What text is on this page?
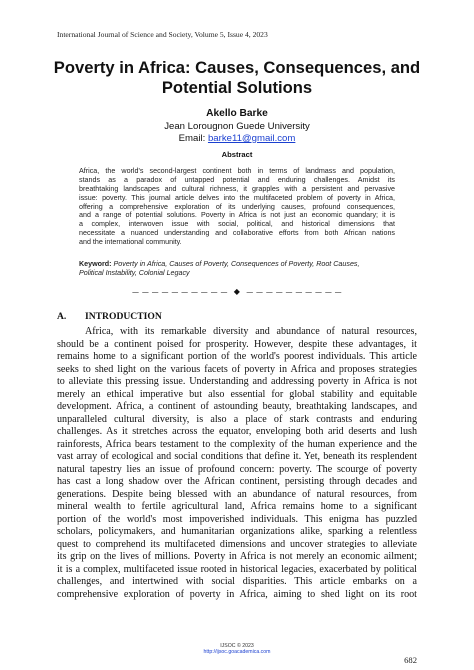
International Journal of Science and Society, Volume 5, Issue 4, 2023
Poverty in Africa: Causes, Consequences, and
Potential Solutions
Akello Barke
Jean Lorougnon Guede University
Email: barke11@gmail.com
Abstract
Africa, the world's second-largest continent both in terms of landmass and population,
stands as a paradox of untapped potential and enduring challenges. Amidst its
breathtaking landscapes and cultural richness, it grapples with a persistent and pervasive
issue: poverty. This journal article delves into the multifaceted problem of poverty in Africa,
offering a comprehensive exploration of its underlying causes, profound consequences,
and a range of potential solutions. Poverty in Africa is not just an economic quandary; it is
a complex, interwoven issue with social, political, and historical dimensions that
necessitate a nuanced understanding and collaborative efforts from both African nations
and the international community.
Keyword: Poverty in Africa, Causes of Poverty, Consequences of Poverty, Root Causes,
Political Instability, Colonial Legacy
— — — — — — — — — — ◆ — — — — — — — — — —
A. INTRODUCTION
Africa, with its remarkable diversity and abundance of natural resources,
should be a continent poised for prosperity. However, despite these advantages, it
remains home to a significant portion of the world's poorest individuals. This article
seeks to shed light on the various facets of poverty in Africa and proposes strategies
to alleviate this pressing issue. Understanding and addressing poverty in Africa is not
merely an ethical imperative but also essential for global stability and equitable
development. Africa, a continent of astounding beauty, breathtaking landscapes, and
unparalleled cultural diversity, is also a place of stark contrasts and enduring
challenges. As it stretches across the equator, enveloping both arid deserts and lush
rainforests, Africa bears testament to the complexity of the human experience and the
vast array of ecological and social conditions that define it. Yet, beneath its resplendent
natural tapestry lies an issue of profound concern: poverty. The scourge of poverty
has cast a long shadow over the African continent, persisting through decades and
generations. Despite being blessed with an abundance of natural resources, from
mineral wealth to fertile agricultural land, Africa remains home to a significant
portion of the world's most impoverished individuals. This enigma has puzzled
scholars, policymakers, and humanitarian organizations alike, sparking a relentless
quest to comprehend its multifaceted dimensions and uncover strategies to alleviate
its grip on the lives of millions. Poverty in Africa is not merely an economic ailment;
it is a complex, multifaceted issue rooted in historical legacies, exacerbated by political
challenges, and intertwined with social disparities. This article embarks on a
comprehensive exploration of poverty in Africa, aiming to shed light on its root
IJSOC © 2023
http://ijsoc.goacademica.com
682
